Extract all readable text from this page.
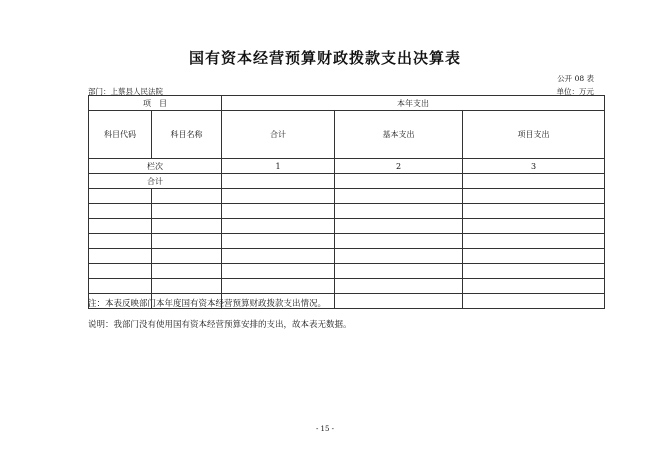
国有资本经营预算财政拨款支出决算表
公开 08 表
部门：上蔡县人民法院	单位：万元
项　目		本年支出		
科目代码	科目名称	合计	基本支出	项目支出
栏次		1	2	3
合计				

注：本表反映部门本年度国有资本经营预算财政拨款支出情况。
说明：我部门没有使用国有资本经营预算安排的支出，故本表无数据。
- 15 -
